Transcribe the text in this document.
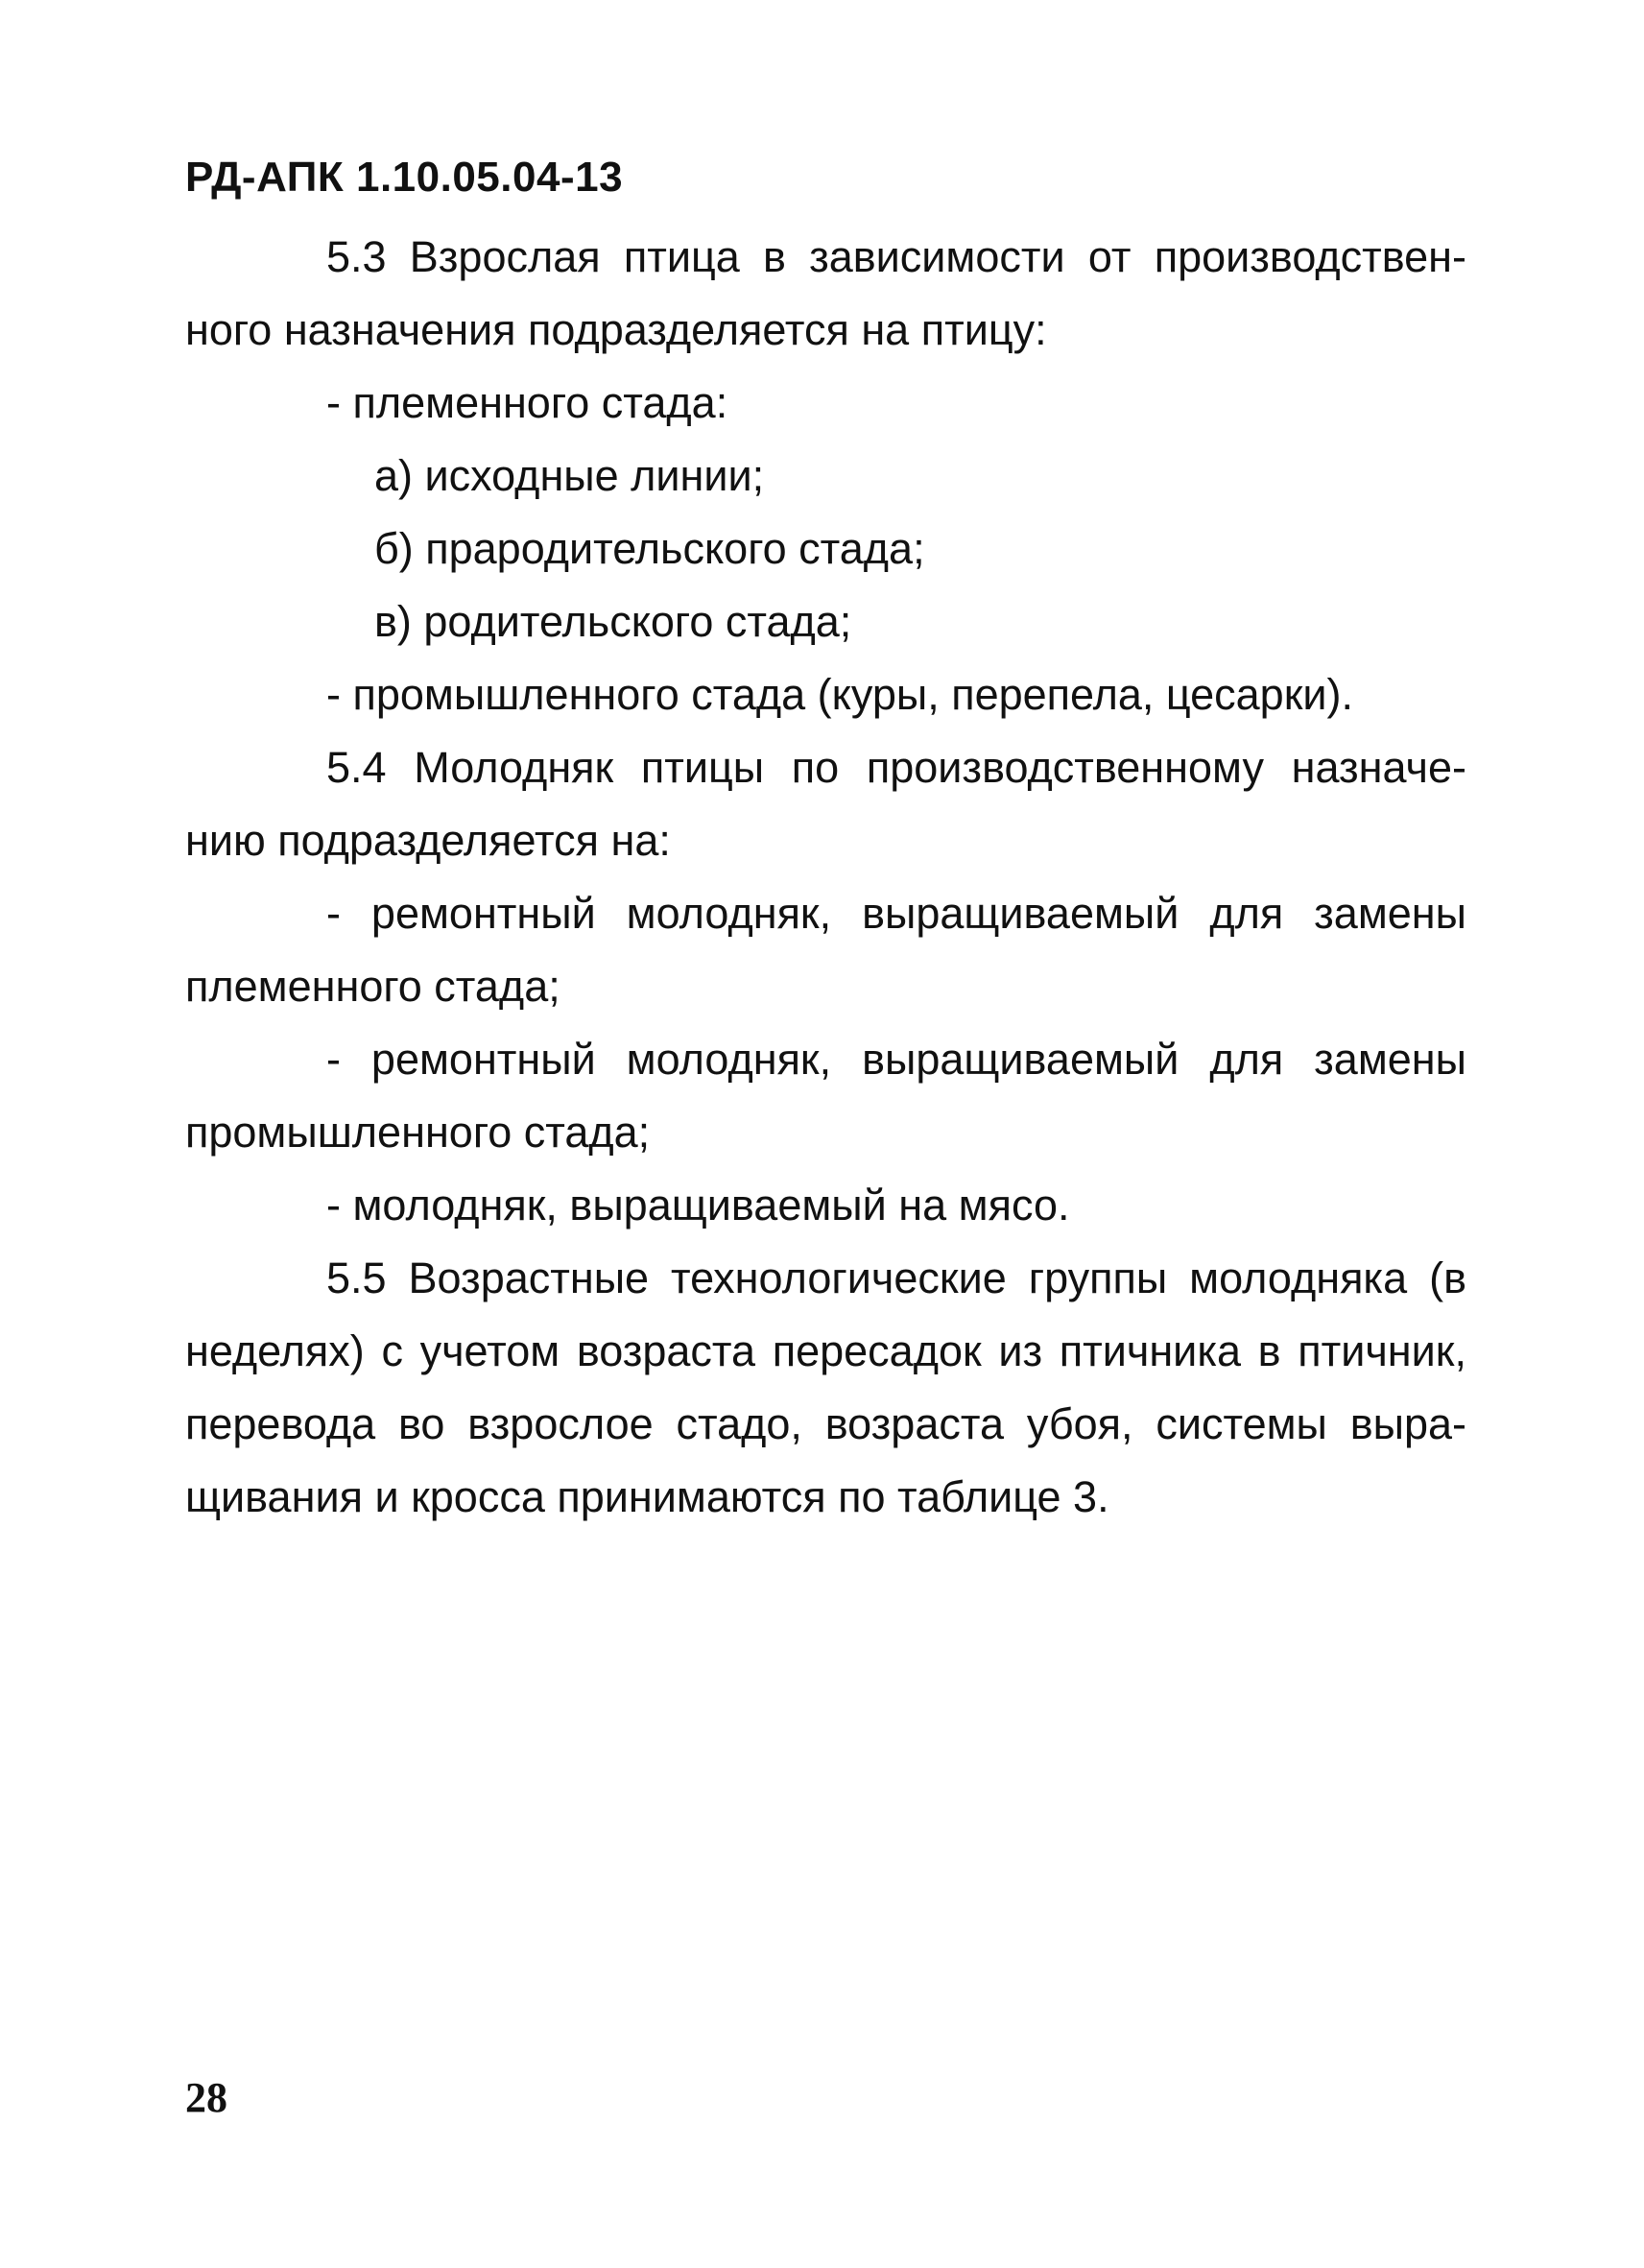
РД-АПК 1.10.05.04-13
5.3 Взрослая птица в зависимости от производствен-
ного назначения подразделяется на птицу:
- племенного стада:
а) исходные линии;
б) прародительского стада;
в) родительского стада;
- промышленного стада (куры, перепела, цесарки).
5.4 Молодняк птицы по производственному назначе-
нию подразделяется на:
- ремонтный молодняк, выращиваемый для замены
племенного стада;
- ремонтный молодняк, выращиваемый для замены
промышленного стада;
- молодняк, выращиваемый на мясо.
5.5 Возрастные технологические группы молодняка (в
неделях) с учетом возраста пересадок из птичника в птичник,
перевода во взрослое стадо, возраста убоя, системы выра-
щивания и кросса принимаются по таблице 3.
28
